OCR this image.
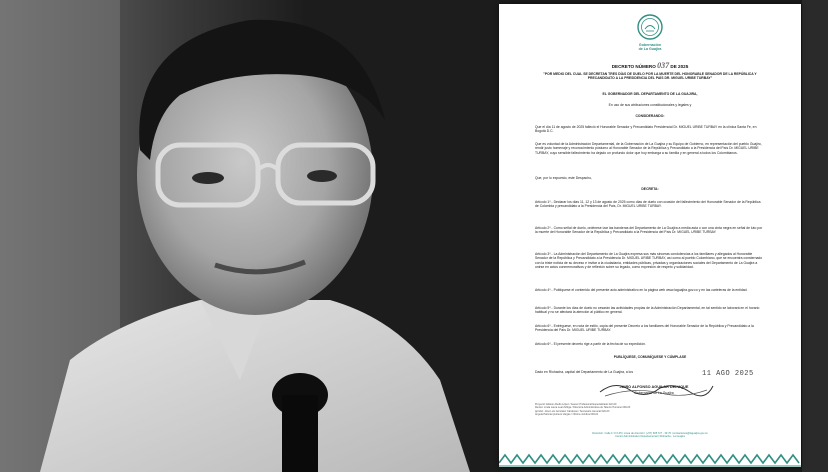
Gobernación
de La Guajira
DECRETO NÚMERO 037 DE 2025
"POR MEDIO DEL CUAL SE DECRETAN TRES DÍAS DE DUELO POR LA MUERTE DEL HONORABLE SENADOR DE LA REPÚBLICA Y PRECANDIDATO A LA PRESIDENCIA DEL PAÍS DR. MIGUEL URIBE TURBAY"
EL GOBERNADOR DEL DEPARTAMENTO DE LA GUAJIRA,
En uso de sus atribuciones constitucionales y legales y
CONSIDERANDO:
Que el día 11 de agosto de 2025 falleció el Honorable Senador y Precandidato Presidencial Dr. MIGUEL URIBE TURBAY en la clínica Santa Fe, en Bogotá D.C.
Que es voluntad de la Administración Departamental, de la Gobernación de La Guajira y su Equipo de Gobierno, en representación del pueblo Guajiro, rendir justo homenaje y reconocimiento póstumo al Honorable Senador de la República y Precandidato a la Presidencia del País Dr. MIGUEL URIBE TURBAY, cuyo sensible fallecimiento ha dejado un profundo dolor que hoy embarga a su familia y en general a todos los Colombianos.
Que, por lo expuesto, este Despacho,
DECRETA:
Artículo 1º.- Declarar los días 11, 12 y 13 de agosto de 2025 como días de duelo con ocasión del fallecimiento del Honorable Senador de la República de Colombia y precandidato a la Presidencia del País, Dr. MIGUEL URIBE TURBAY.
Artículo 2º.- Como señal de duelo, ordénese izar las banderas del Departamento de La Guajira a media asta o con una cinta negra en señal de luto por la muerte del Honorable Senador de la República y Precandidato a la Presidencia del País Dr. MIGUEL URIBE TURBAY.
Artículo 3º.- La Administración del Departamento de La Guajira expresa sus más sinceras condolencias a los familiares y allegados al Honorable Senador de la República y Precandidato a la Presidencia Dr. MIGUEL URIBE TURBAY, así como al pueblo Colombiano, que se encuentra consternado con la triste noticia de su deceso e invitar a la ciudadanía, entidades públicas, privadas y organizaciones sociales del Departamento de La Guajira a unirse en actos conmemorativos y de reflexión sobre su legado, como expresión de respeto y solidaridad.
Artículo 4º.- Publíquese el contenido del presente acto administrativo en la página web www.laguajira.gov.co y en las carteleras de la entidad.
Artículo 5º.- Durante los días de duelo no cesarán las actividades propias de la Administración Departamental, en tal sentido se laborará en el horario habitual y no se afectará la atención al público en general.
Artículo 6º.- Entréguese, en nota de estilo, copia del presente Decreto a los familiares del Honorable Senador de la República y Precandidato a la Presidencia del País Dr. MIGUEL URIBE TURBAY.
Artículo 6º.- El presente decreto rige a partir de la fecha de su expedición.
PUBLÍQUESE, COMUNÍQUESE Y CÚMPLASE
Dado en Riohacha, capital del Departamento de La Guajira, a los	11 AGO 2025
JAIRO ALFONSO AGUILAR DELUQUE
Gobernador de La Guajira
Proyectó: Edison Abello López / Asesor Profesional Especializado 222-09
Revisó: Linda Laura Leal Zuñiga / Directora Administrativa de Talento Humano 009-03
Aprobó: José Luis Gonzalez Cárdenas / Secretario General 020-03
Ángela Patricia Quintero Vargas / Oficina Jurídica 006-01
Dirección: Calle 1ª # 6-05 | Línea de Atención: (+57) 605 727 - 39 76 | contactenos@laguajira.gov.co
Centro Administrativo Departamental | Riohacha - La Guajira
